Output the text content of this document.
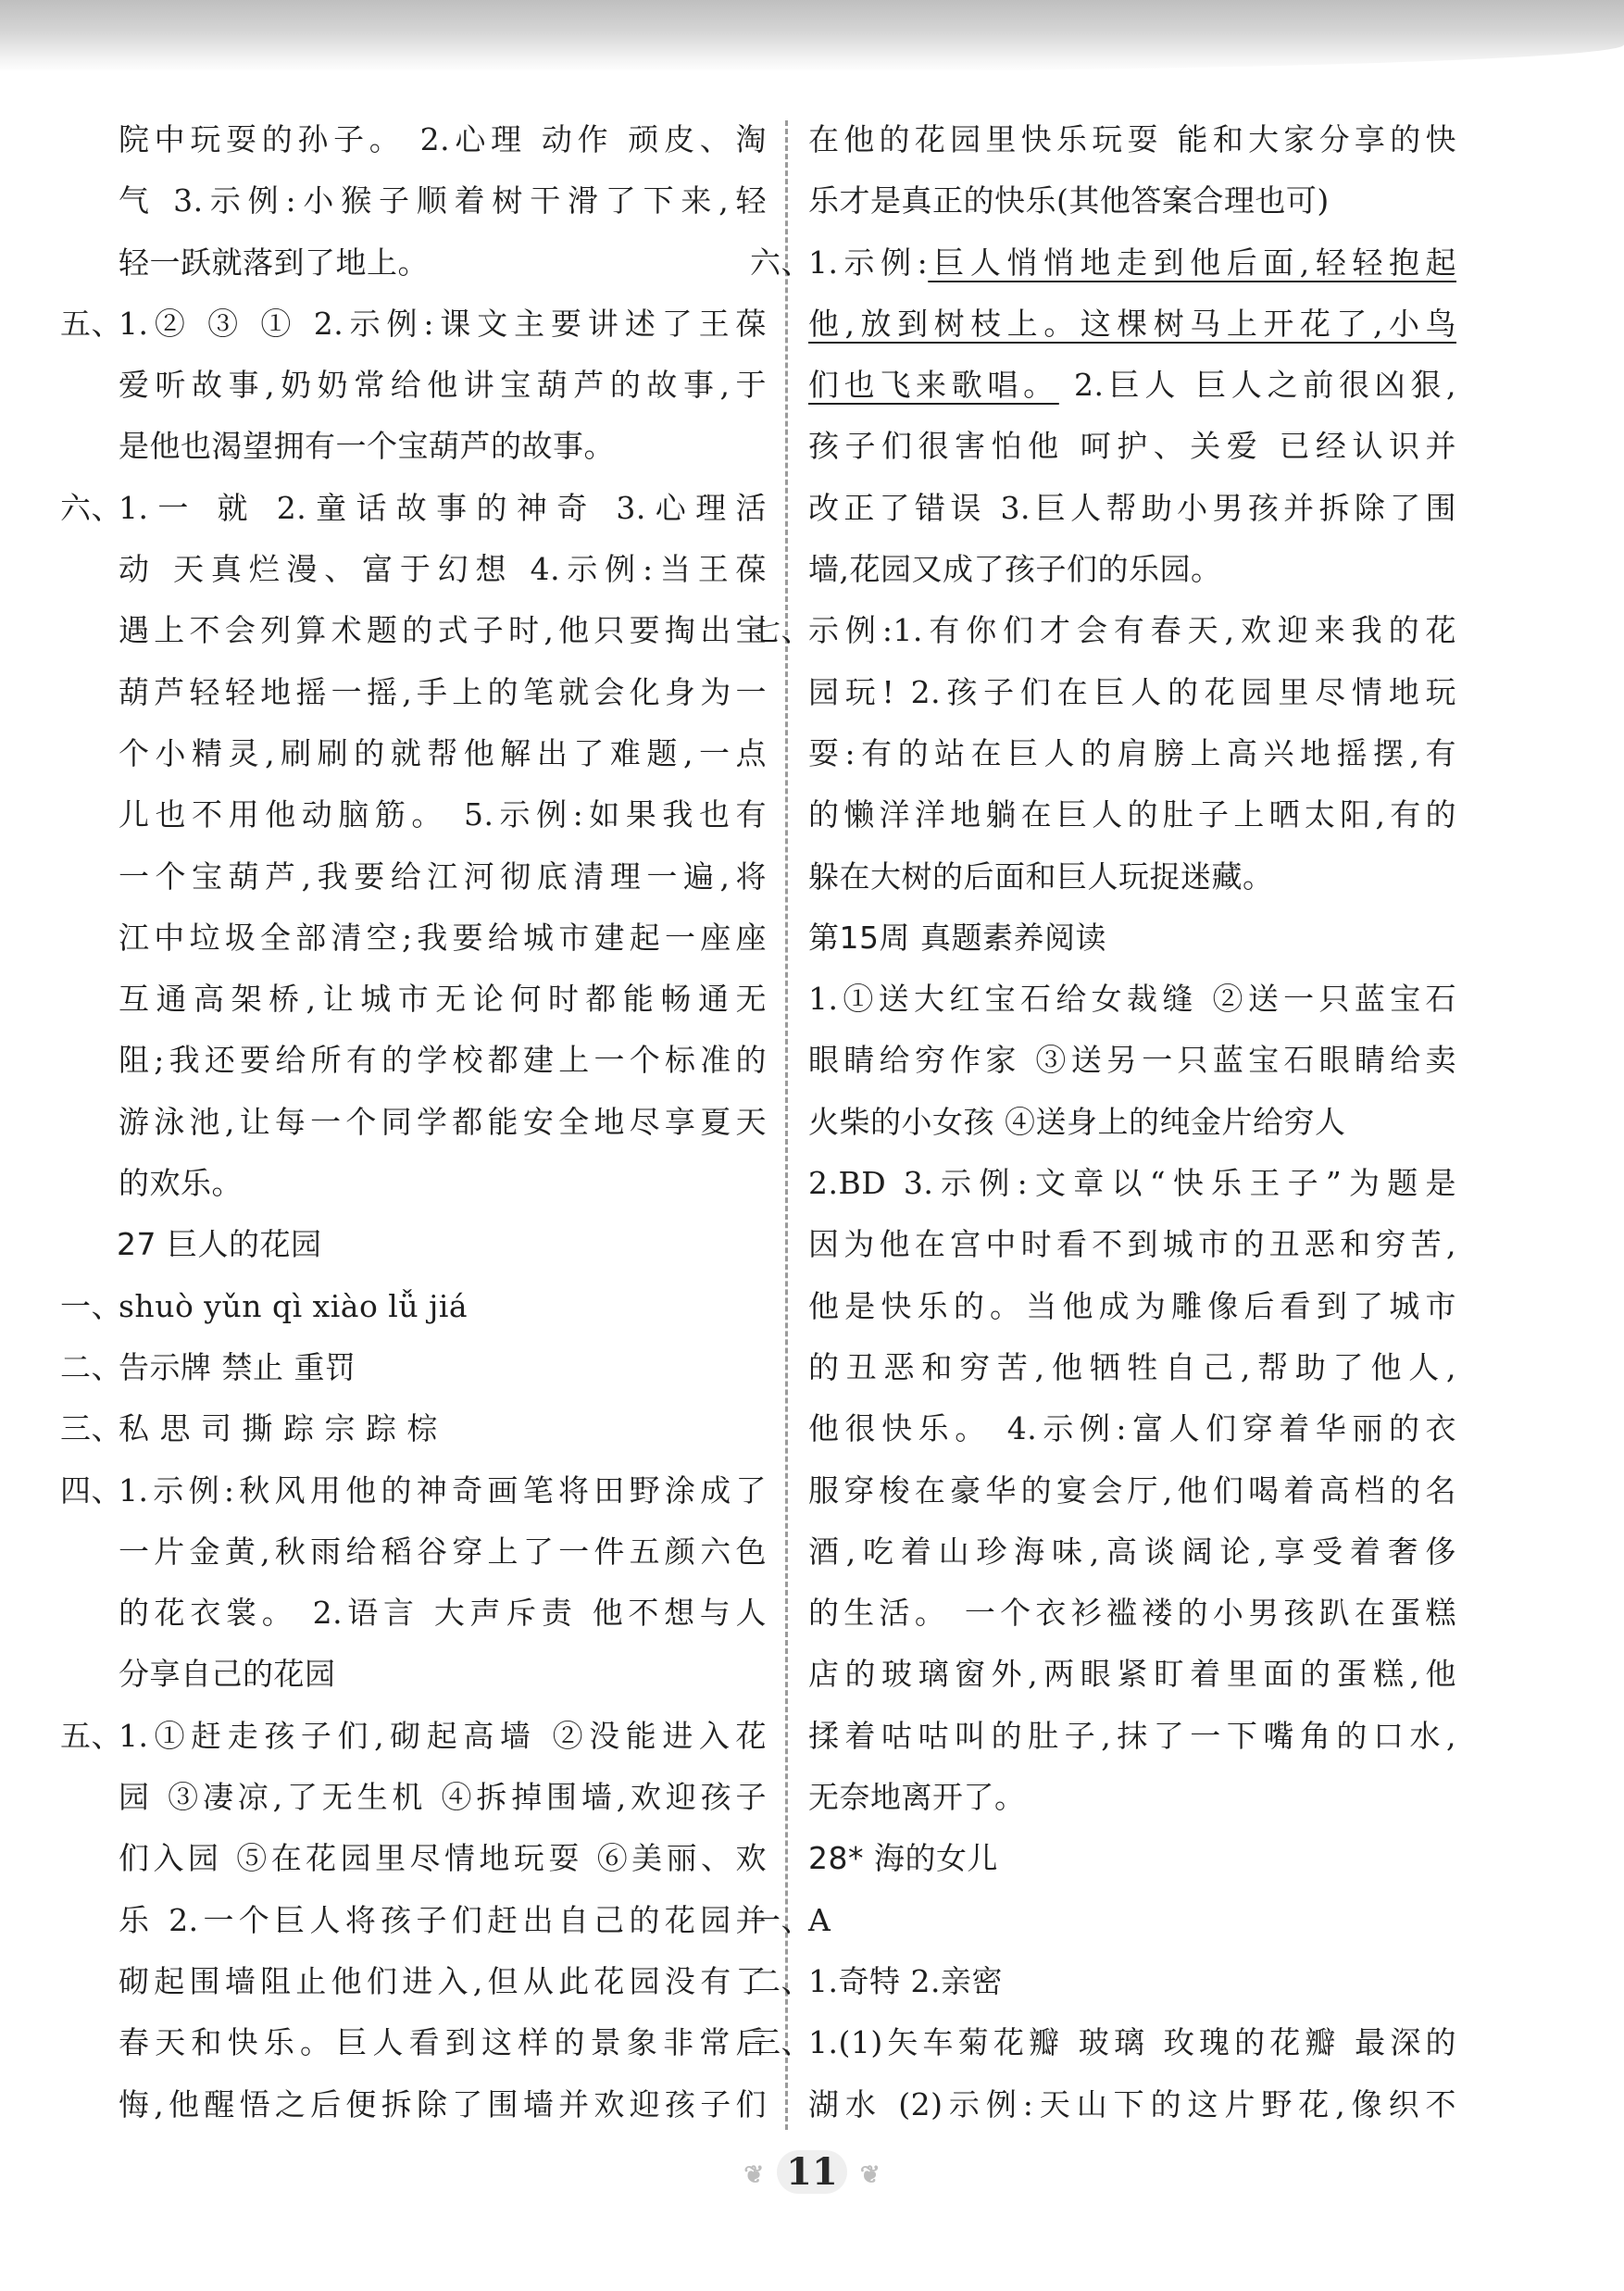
院中玩耍的孙子。 2.心理 动作 顽皮、淘
气 3.示例:小猴子顺着树干滑了下来,轻
轻一跃就落到了地上。
五、
1.② ③ ① 2.示例:课文主要讲述了王葆
爱听故事,奶奶常给他讲宝葫芦的故事,于
是他也渴望拥有一个宝葫芦的故事。
六、
1.一 就 2.童话故事的神奇 3.心理活
动 天真烂漫、富于幻想 4.示例:当王葆
遇上不会列算术题的式子时,他只要掏出宝
葫芦轻轻地摇一摇,手上的笔就会化身为一
个小精灵,刷刷的就帮他解出了难题,一点
儿也不用他动脑筋。 5.示例:如果我也有
一个宝葫芦,我要给江河彻底清理一遍,将
江中垃圾全部清空;我要给城市建起一座座
互通高架桥,让城市无论何时都能畅通无
阻;我还要给所有的学校都建上一个标准的
游泳池,让每一个同学都能安全地尽享夏天
的欢乐。
27 巨人的花园
一、
shuò yǔn qì xiào lǚ jiá
二、
告示牌 禁止 重罚
三、
私 思 司 撕 踪 宗 踪 棕
四、
1.示例:秋风用他的神奇画笔将田野涂成了
一片金黄,秋雨给稻谷穿上了一件五颜六色
的花衣裳。 2.语言 大声斥责 他不想与人
分享自己的花园
五、
1.①赶走孩子们,砌起高墙 ②没能进入花
园 ③凄凉,了无生机 ④拆掉围墙,欢迎孩子
们入园 ⑤在花园里尽情地玩耍 ⑥美丽、欢
乐 2.一个巨人将孩子们赶出自己的花园并
砌起围墙阻止他们进入,但从此花园没有了
春天和快乐。巨人看到这样的景象非常后
悔,他醒悟之后便拆除了围墙并欢迎孩子们
在他的花园里快乐玩耍 能和大家分享的快
乐才是真正的快乐(其他答案合理也可)
六、
1.示例:巨人悄悄地走到他后面,轻轻抱起
他,放到树枝上。这棵树马上开花了,小鸟
们也飞来歌唱。 2.巨人 巨人之前很凶狠,
孩子们很害怕他 呵护、关爱 已经认识并
改正了错误 3.巨人帮助小男孩并拆除了围
墙,花园又成了孩子们的乐园。
七、
示例:1.有你们才会有春天,欢迎来我的花
园玩! 2.孩子们在巨人的花园里尽情地玩
耍:有的站在巨人的肩膀上高兴地摇摆,有
的懒洋洋地躺在巨人的肚子上晒太阳,有的
躲在大树的后面和巨人玩捉迷藏。
第15周 真题素养阅读
1.①送大红宝石给女裁缝 ②送一只蓝宝石
眼睛给穷作家 ③送另一只蓝宝石眼睛给卖
火柴的小女孩 ④送身上的纯金片给穷人
2.BD 3.示例:文章以“快乐王子”为题是
因为他在宫中时看不到城市的丑恶和穷苦,
他是快乐的。当他成为雕像后看到了城市
的丑恶和穷苦,他牺牲自己,帮助了他人,
他很快乐。 4.示例:富人们穿着华丽的衣
服穿梭在豪华的宴会厅,他们喝着高档的名
酒,吃着山珍海味,高谈阔论,享受着奢侈
的生活。 一个衣衫褴褛的小男孩趴在蛋糕
店的玻璃窗外,两眼紧盯着里面的蛋糕,他
揉着咕咕叫的肚子,抹了一下嘴角的口水,
无奈地离开了。
28* 海的女儿
一、
A
二、
1.奇特 2.亲密
三、
1.(1)矢车菊花瓣 玻璃 玫瑰的花瓣 最深的
湖水 (2)示例:天山下的这片野花,像织不
❦ 11 ❦
